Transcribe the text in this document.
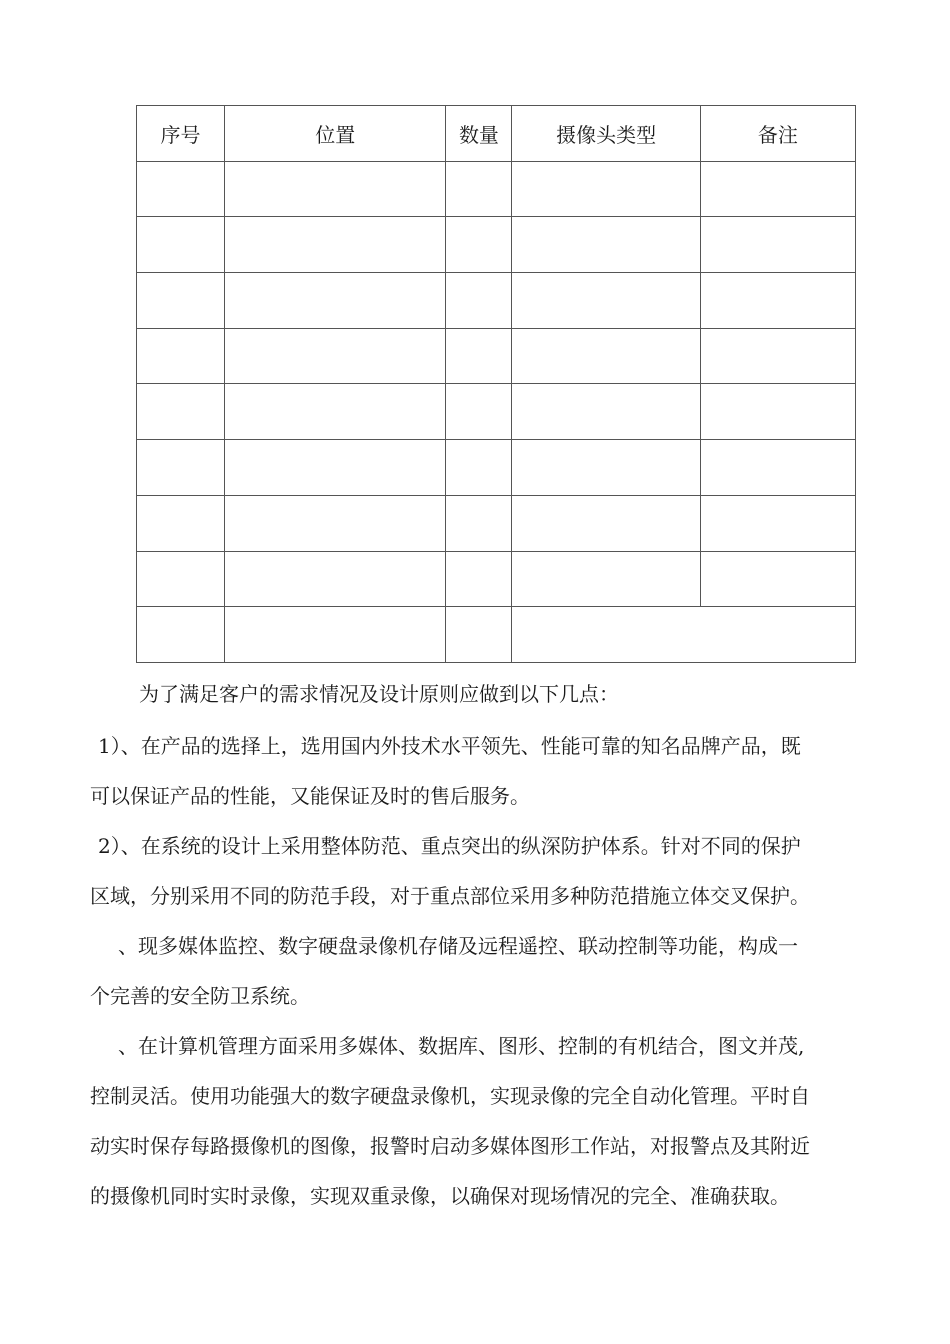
序号	位置	数量	摄像头类型	备注

为了满足客户的需求情况及设计原则应做到以下几点：
1）、在产品的选择上，选用国内外技术水平领先、性能可靠的知名品牌产品，既
可以保证产品的性能，又能保证及时的售后服务。
2）、在系统的设计上采用整体防范、重点突出的纵深防护体系。针对不同的保护
区域，分别采用不同的防范手段，对于重点部位采用多种防范措施立体交叉保护。
、现多媒体监控、数字硬盘录像机存储及远程遥控、联动控制等功能，构成一
个完善的安全防卫系统。
、在计算机管理方面采用多媒体、数据库、图形、控制的有机结合，图文并茂,
控制灵活。使用功能强大的数字硬盘录像机，实现录像的完全自动化管理。平时自
动实时保存每路摄像机的图像，报警时启动多媒体图形工作站，对报警点及其附近
的摄像机同时实时录像，实现双重录像，以确保对现场情况的完全、准确获取。
